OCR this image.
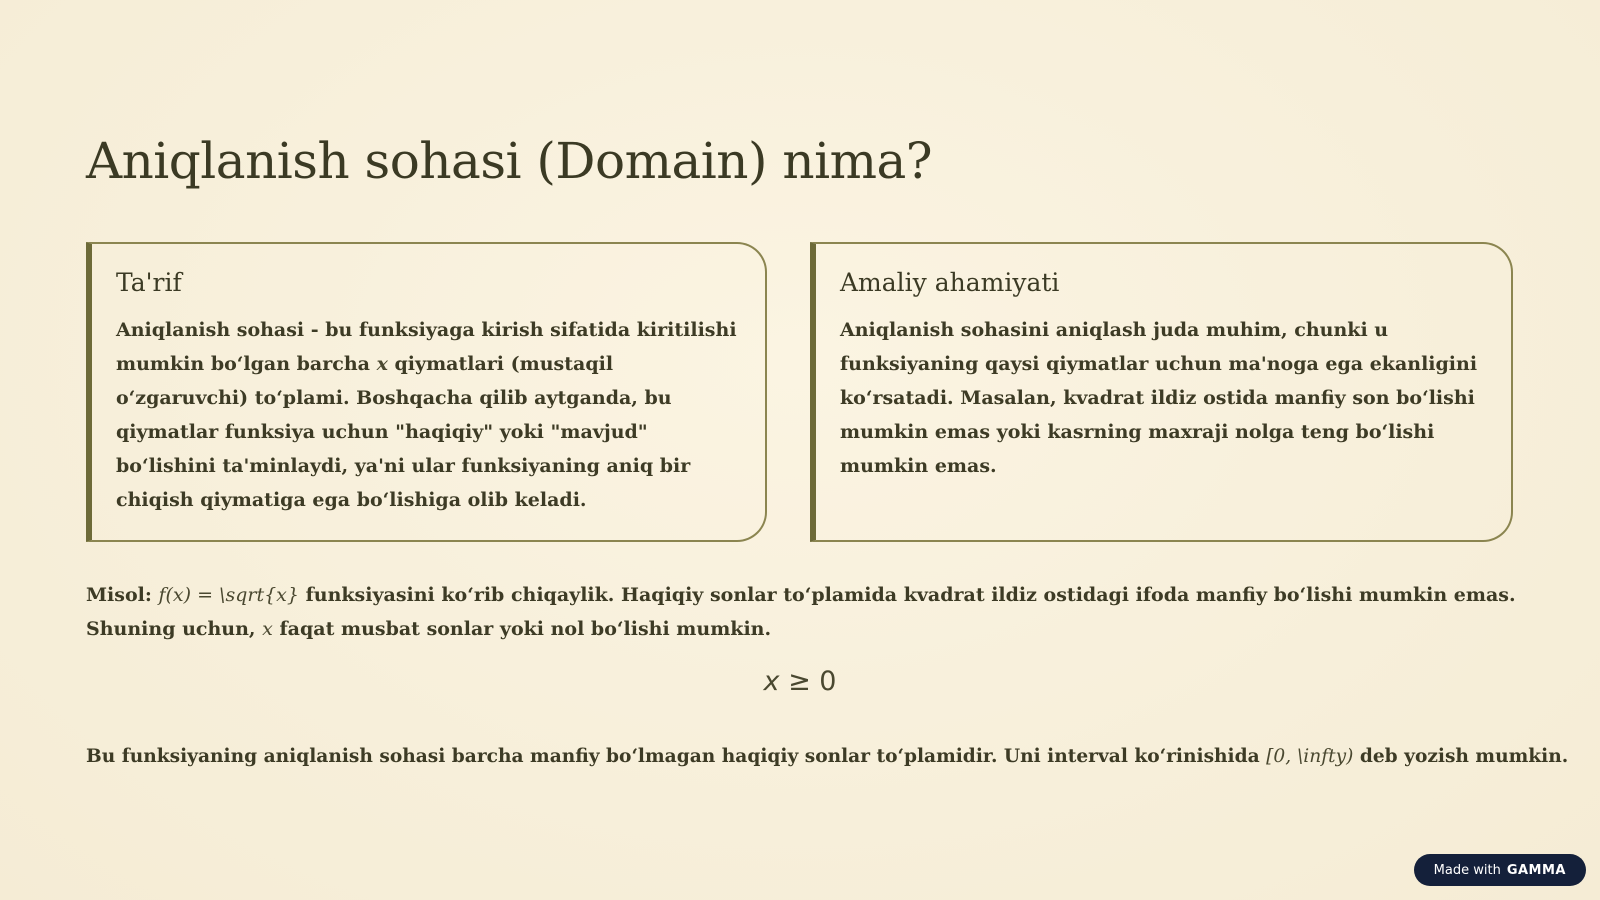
Aniqlanish sohasi (Domain) nima?
Ta'rif

Aniqlanish sohasi - bu funksiyaga kirish sifatida kiritilishi mumkin bo‘lgan barcha x qiymatlari (mustaqil o‘zgaruvchi) to‘plami. Boshqacha qilib aytganda, bu qiymatlar funksiya uchun "haqiqiy" yoki "mavjud" bo‘lishini ta'minlaydi, ya'ni ular funksiyaning aniq bir chiqish qiymatiga ega bo‘lishiga olib keladi.

Amaliy ahamiyati

Aniqlanish sohasini aniqlash juda muhim, chunki u funksiyaning qaysi qiymatlar uchun ma'noga ega ekanligini ko‘rsatadi. Masalan, kvadrat ildiz ostida manfiy son bo‘lishi mumkin emas yoki kasrning maxraji nolga teng bo‘lishi mumkin emas.

Misol: f(x) = \sqrt{x} funksiyasini ko‘rib chiqaylik. Haqiqiy sonlar to‘plamida kvadrat ildiz ostidagi ifoda manfiy bo‘lishi mumkin emas. Shuning uchun, x faqat musbat sonlar yoki nol bo‘lishi mumkin.

x ≥ 0

Bu funksiyaning aniqlanish sohasi barcha manfiy bo‘lmagan haqiqiy sonlar to‘plamidir. Uni interval ko‘rinishida [0, \infty) deb yozish mumkin.

Made with GAMMA
